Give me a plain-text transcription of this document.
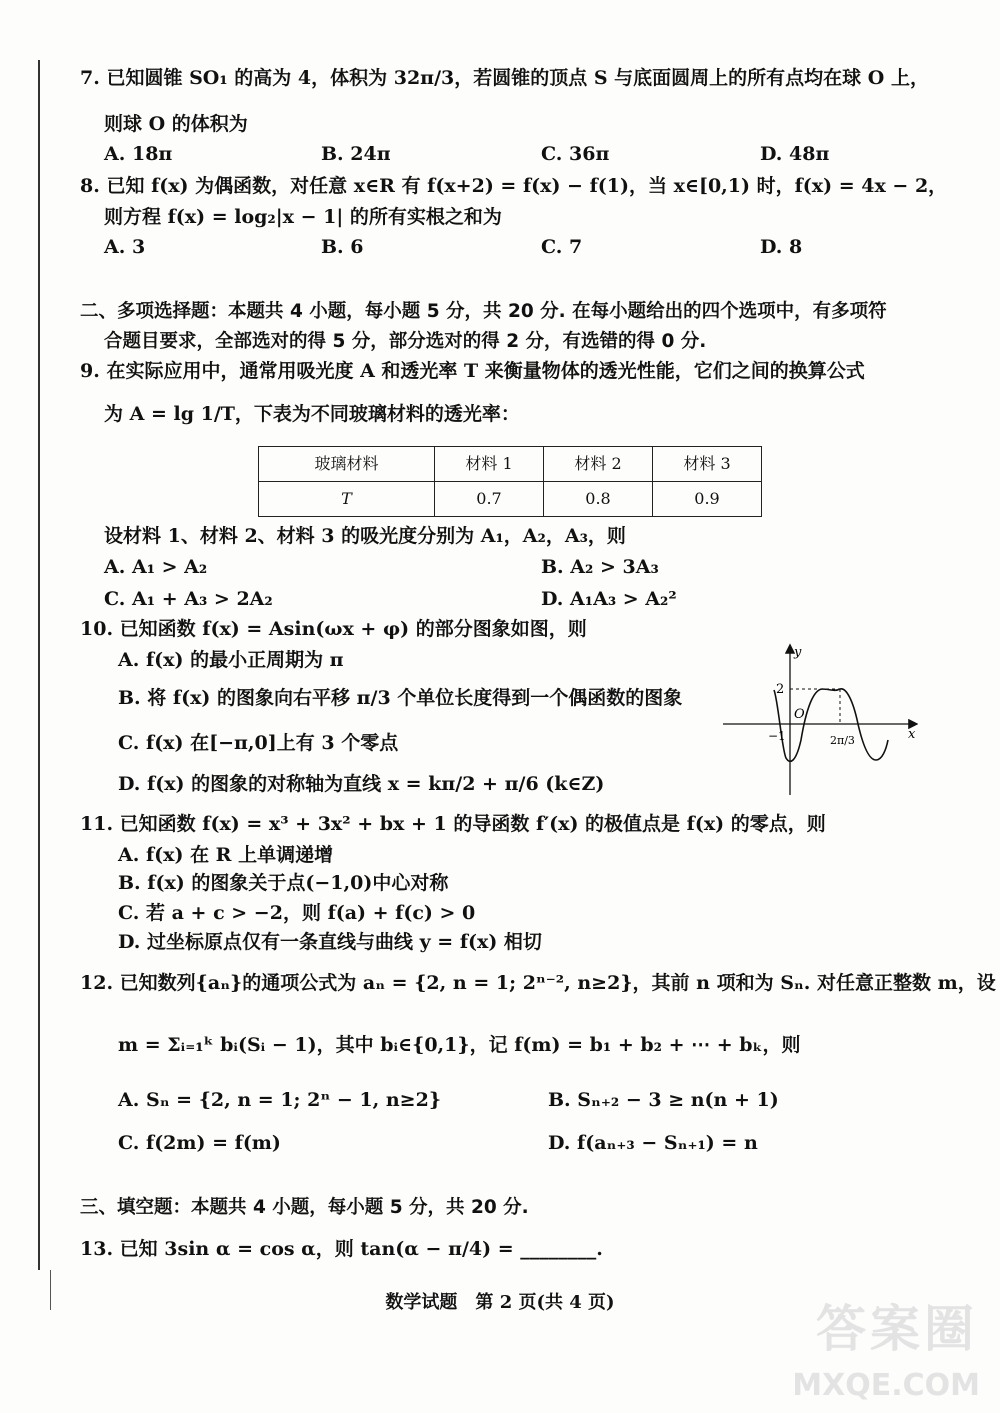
7. 已知圆锥 SO₁ 的高为 4，体积为 32π/3，若圆锥的顶点 S 与底面圆周上的所有点均在球 O 上，
则球 O 的体积为
A. 18π	B. 24π	C. 36π	D. 48π
8. 已知 f(x) 为偶函数，对任意 x∈R 有 f(x+2) = f(x) − f(1)，当 x∈[0,1) 时，f(x) = 4x − 2，
则方程 f(x) = log₂|x − 1| 的所有实根之和为
A. 3	B. 6	C. 7	D. 8
二、多项选择题：本题共 4 小题，每小题 5 分，共 20 分. 在每小题给出的四个选项中，有多项符
合题目要求，全部选对的得 5 分，部分选对的得 2 分，有选错的得 0 分.
9. 在实际应用中，通常用吸光度 A 和透光率 T 来衡量物体的透光性能，它们之间的换算公式
为 A = lg 1/T，下表为不同玻璃材料的透光率：
玻璃材料	材料 1	材料 2	材料 3
T	0.7	0.8	0.9
设材料 1、材料 2、材料 3 的吸光度分别为 A₁，A₂，A₃，则
A. A₁ > A₂	B. A₂ > 3A₃
C. A₁ + A₃ > 2A₂	D. A₁A₃ > A₂²
10. 已知函数 f(x) = Asin(ωx + φ) 的部分图象如图，则
A. f(x) 的最小正周期为 π
B. 将 f(x) 的图象向右平移 π/3 个单位长度得到一个偶函数的图象
C. f(x) 在[−π,0]上有 3 个零点
D. f(x) 的图象的对称轴为直线 x = kπ/2 + π/6 (k∈Z)
y
x
O
2
−1	2π/3
11. 已知函数 f(x) = x³ + 3x² + bx + 1 的导函数 f′(x) 的极值点是 f(x) 的零点，则
A. f(x) 在 R 上单调递增
B. f(x) 的图象关于点(−1,0)中心对称
C. 若 a + c > −2，则 f(a) + f(c) > 0
D. 过坐标原点仅有一条直线与曲线 y = f(x) 相切
12. 已知数列{aₙ}的通项公式为 aₙ = {2, n = 1; 2ⁿ⁻², n≥2}，其前 n 项和为 Sₙ. 对任意正整数 m，设
m = Σᵢ₌₁ᵏ bᵢ(Sᵢ − 1)，其中 bᵢ∈{0,1}，记 f(m) = b₁ + b₂ + ⋯ + bₖ，则
A. Sₙ = {2, n = 1; 2ⁿ − 1, n≥2}	B. Sₙ₊₂ − 3 ≥ n(n + 1)
C. f(2m) = f(m)	D. f(aₙ₊₃ − Sₙ₊₁) = n
三、填空题：本题共 4 小题，每小题 5 分，共 20 分.
13. 已知 3sin α = cos α，则 tan(α − π/4) = ________.
数学试题　第 2 页(共 4 页)	答案圈
MXQE.COM
